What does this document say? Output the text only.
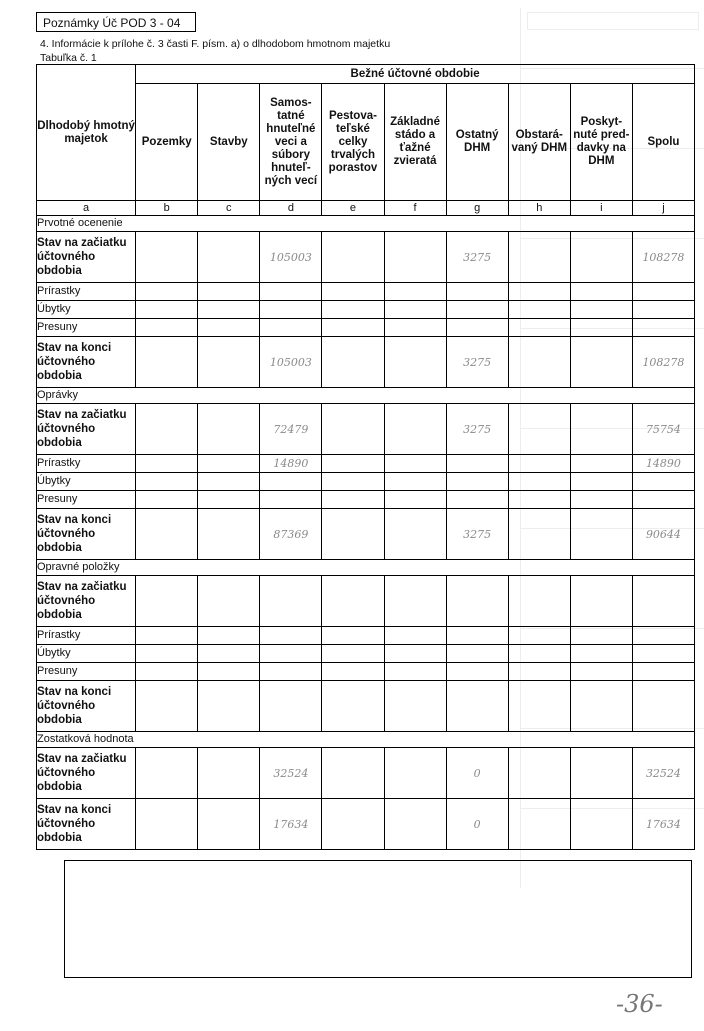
Poznámky Úč POD 3 - 04
4. Informácie k prílohe č. 3 časti F. písm. a) o dlhodobom hmotnom majetku
Tabuľka č. 1
Dlhodobý hmotný majetok	Bežné účtovné obdobie								
	Pozemky	Stavby	Samos-tatné hnuteľné veci a súbory hnuteľ-ných vecí	Pestova-teľské celky trvalých porastov	Základné stádo a ťažné zvieratá	Ostatný DHM	Obstará-vaný DHM	Poskyt-nuté pred-davky na DHM	Spolu
a	b	c	d	e	f	g	h	i	j
Prvotné ocenenie									
Stav na začiatku účtovného obdobia			105003			3275			108278
Prírastky									
Úbytky									
Presuny									
Stav na konci účtovného obdobia			105003			3275			108278
Oprávky									
Stav na začiatku účtovného obdobia			72479			3275			75754
Prírastky			14890						14890
Úbytky									
Presuny									
Stav na konci účtovného obdobia			87369			3275			90644
Opravné položky									
Stav na začiatku účtovného obdobia									
Prírastky									
Úbytky									
Presuny									
Stav na konci účtovného obdobia									
Zostatková hodnota									
Stav na začiatku účtovného obdobia			32524			0			32524
Stav na konci účtovného obdobia			17634			0			17634
-36-
